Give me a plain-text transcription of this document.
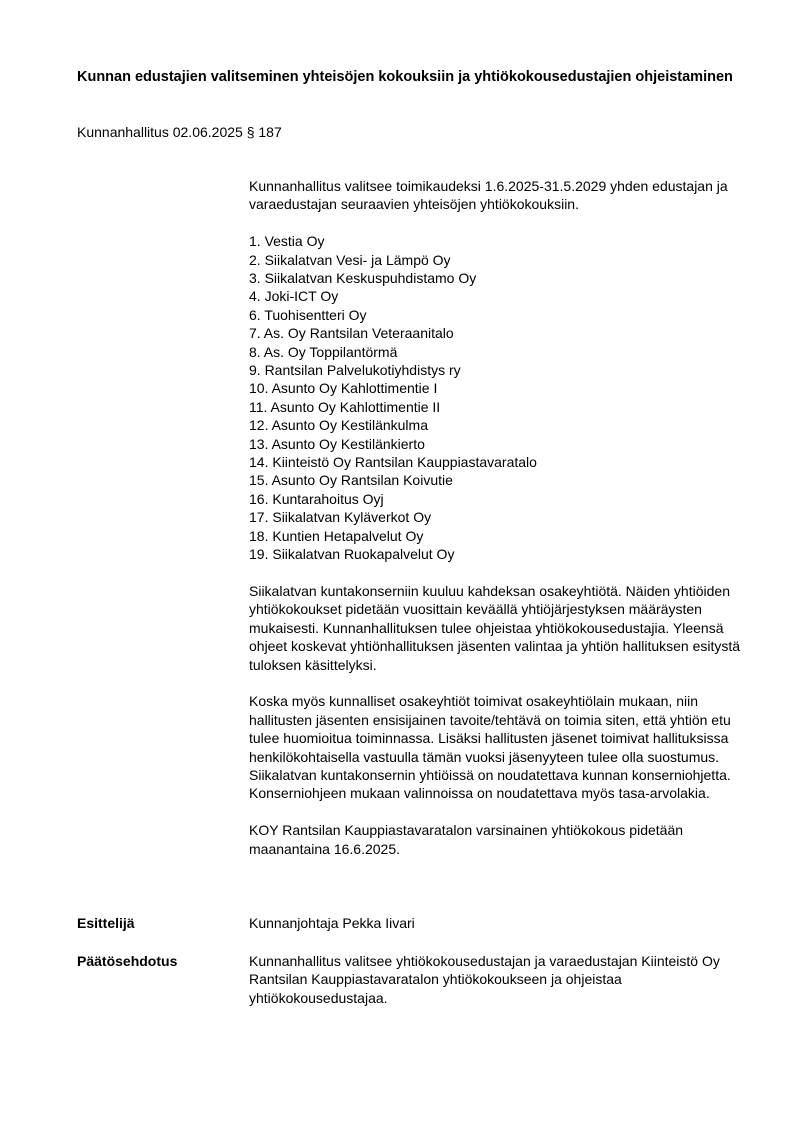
Kunnan edustajien valitseminen yhteisöjen kokouksiin ja yhtiökokousedustajien ohjeistaminen
Kunnanhallitus 02.06.2025 § 187

Kunnanhallitus valitsee toimikaudeksi 1.6.2025-31.5.2029 yhden edustajan ja varaedustajan seuraavien yhteisöjen yhtiökokouksiin.

1. Vestia Oy
2. Siikalatvan Vesi- ja Lämpö Oy
3. Siikalatvan Keskuspuhdistamo Oy
4. Joki-ICT Oy
6. Tuohisentteri Oy
7. As. Oy Rantsilan Veteraanitalo
8. As. Oy Toppilantörmä
9. Rantsilan Palvelukotiyhdistys ry
10. Asunto Oy Kahlottimentie I
11. Asunto Oy Kahlottimentie II
12. Asunto Oy Kestilänkulma
13. Asunto Oy Kestilänkierto
14. Kiinteistö Oy Rantsilan Kauppiastavaratalo
15. Asunto Oy Rantsilan Koivutie
16. Kuntarahoitus Oyj
17. Siikalatvan Kyläverkot Oy
18. Kuntien Hetapalvelut Oy
19. Siikalatvan Ruokapalvelut Oy

Siikalatvan kuntakonserniin kuuluu kahdeksan osakeyhtiötä. Näiden yhtiöiden yhtiökokoukset pidetään vuosittain keväällä yhtiöjärjestyksen määräysten mukaisesti. Kunnanhallituksen tulee ohjeistaa yhtiökokousedustajia. Yleensä ohjeet koskevat yhtiönhallituksen jäsenten valintaa ja yhtiön hallituksen esitystä tuloksen käsittelyksi.

Koska myös kunnalliset osakeyhtiöt toimivat osakeyhtiölain mukaan, niin hallitusten jäsenten ensisijainen tavoite/tehtävä on toimia siten, että yhtiön etu tulee huomioitua toiminnassa. Lisäksi hallitusten jäsenet toimivat hallituksissa henkilökohtaisella vastuulla tämän vuoksi jäsenyyteen tulee olla suostumus. Siikalatvan kuntakonsernin yhtiöissä on noudatettava kunnan konserniohjetta. Konserniohjeen mukaan valinnoissa on noudatettava myös tasa-arvolakia.

KOY Rantsilan Kauppiastavaratalon varsinainen yhtiökokous pidetään maanantaina 16.6.2025.

Esittelijä	Kunnanjohtaja Pekka Iivari
Päätösehdotus	Kunnanhallitus valitsee yhtiökokousedustajan ja varaedustajan Kiinteistö Oy Rantsilan Kauppiastavaratalon yhtiökokoukseen ja ohjeistaa yhtiökokousedustajaa.
